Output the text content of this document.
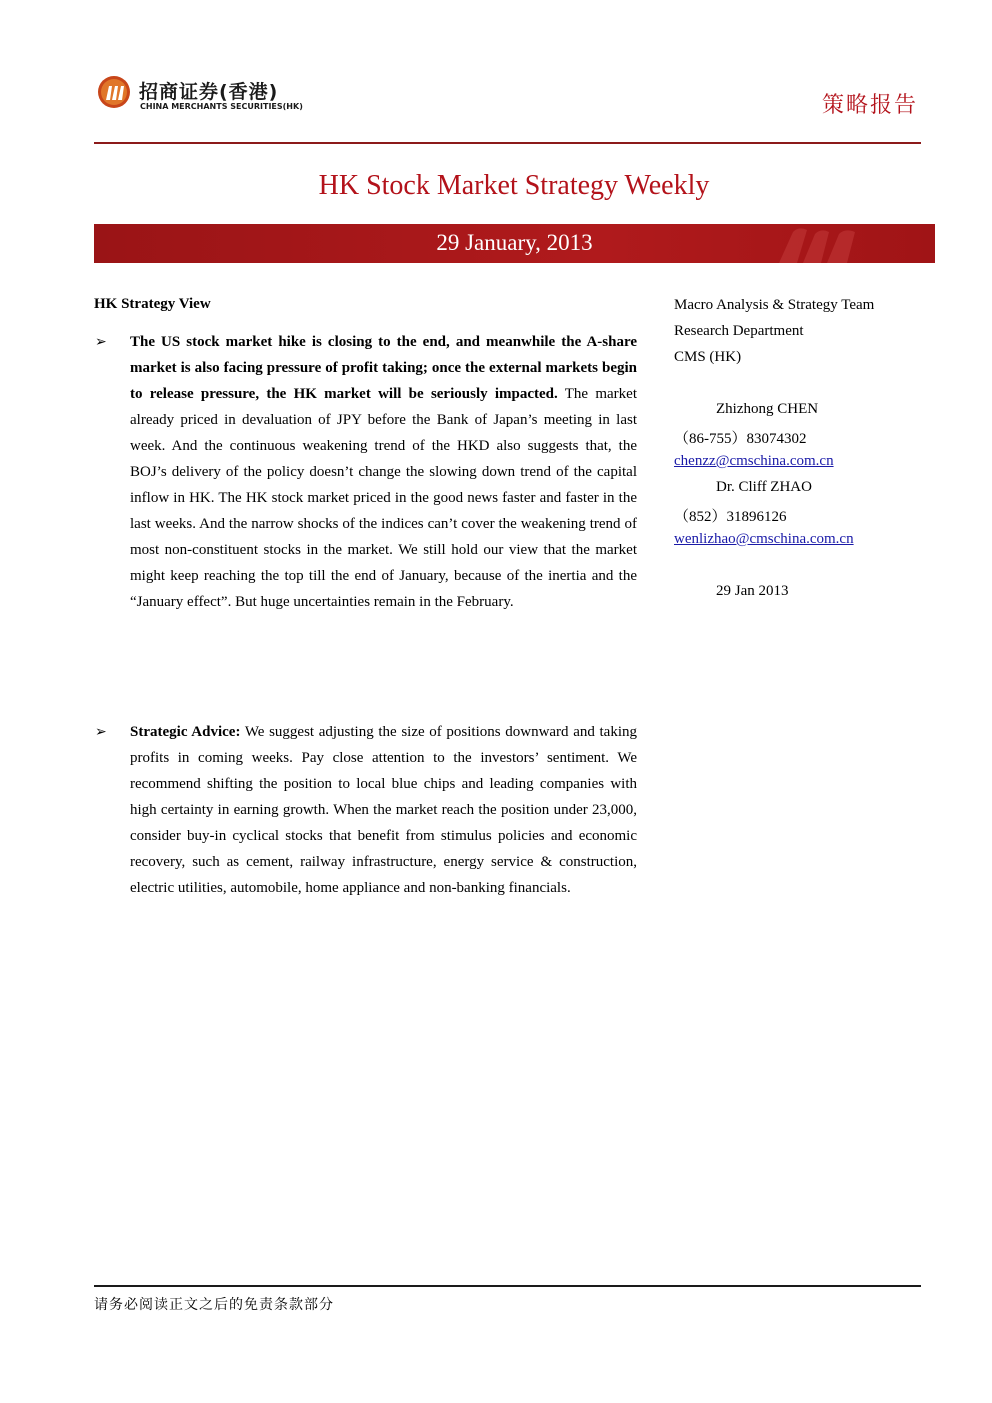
招商证券(香港)
CHINA MERCHANTS SECURITIES(HK)	策略报告
HK Stock Market Strategy Weekly
29 January, 2013
HK Strategy View
➢ The US stock market hike is closing to the end, and meanwhile the A-share market is also facing pressure of profit taking; once the external markets begin to release pressure, the HK market will be seriously impacted. The market already priced in devaluation of JPY before the Bank of Japan’s meeting in last week. And the continuous weakening trend of the HKD also suggests that, the BOJ’s delivery of the policy doesn’t change the slowing down trend of the capital inflow in HK. The HK stock market priced in the good news faster and faster in the last weeks. And the narrow shocks of the indices can’t cover the weakening trend of most non-constituent stocks in the market. We still hold our view that the market might keep reaching the top till the end of January, because of the inertia and the “January effect”. But huge uncertainties remain in the February.
➢ Strategic Advice: We suggest adjusting the size of positions downward and taking profits in coming weeks. Pay close attention to the investors’ sentiment. We recommend shifting the position to local blue chips and leading companies with high certainty in earning growth. When the market reach the position under 23,000, consider buy-in cyclical stocks that benefit from stimulus policies and economic recovery, such as cement, railway infrastructure, energy service & construction, electric utilities, automobile, home appliance and non-banking financials.
Macro Analysis & Strategy Team
Research Department
CMS (HK)
Zhizhong CHEN
（86-755）83074302
chenzz@cmschina.com.cn
Dr. Cliff ZHAO
（852）31896126
wenlizhao@cmschina.com.cn
29 Jan 2013
请务必阅读正文之后的免责条款部分
